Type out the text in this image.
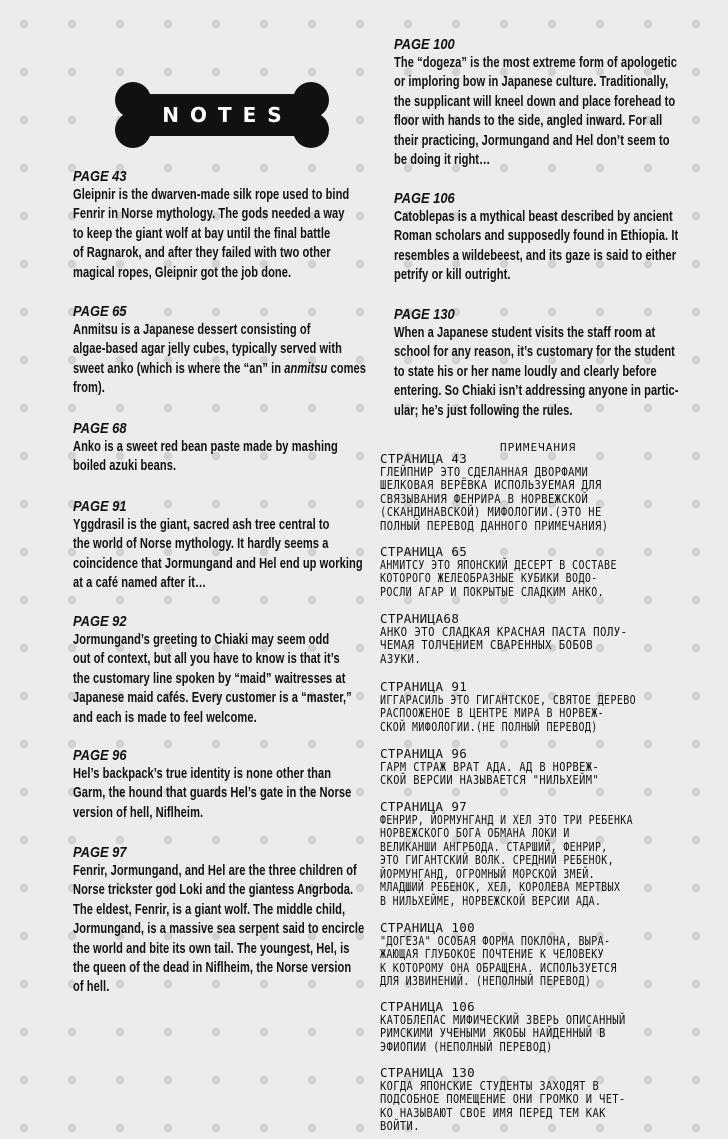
NOTES
PAGE 43
Gleipnir is the dwarven-made silk rope used to bind
Fenrir in Norse mythology. The gods needed a way
to keep the giant wolf at bay until the final battle
of Ragnarok, and after they failed with two other
magical ropes, Gleipnir got the job done.
PAGE 65
Anmitsu is a Japanese dessert consisting of
algae-based agar jelly cubes, typically served with
sweet anko (which is where the “an” in anmitsu comes
from).
PAGE 68
Anko is a sweet red bean paste made by mashing
boiled azuki beans.
PAGE 91
Yggdrasil is the giant, sacred ash tree central to
the world of Norse mythology. It hardly seems a
coincidence that Jormungand and Hel end up working
at a café named after it…
PAGE 92
Jormungand’s greeting to Chiaki may seem odd
out of context, but all you have to know is that it’s
the customary line spoken by “maid” waitresses at
Japanese maid cafés. Every customer is a “master,”
and each is made to feel welcome.
PAGE 96
Hel’s backpack’s true identity is none other than
Garm, the hound that guards Hel’s gate in the Norse
version of hell, Niflheim.
PAGE 97
Fenrir, Jormungand, and Hel are the three children of
Norse trickster god Loki and the giantess Angrboda.
The eldest, Fenrir, is a giant wolf. The middle child,
Jormungand, is a massive sea serpent said to encircle
the world and bite its own tail. The youngest, Hel, is
the queen of the dead in Niflheim, the Norse version
of hell.
PAGE 100
The “dogeza” is the most extreme form of apologetic
or imploring bow in Japanese culture. Traditionally,
the supplicant will kneel down and place forehead to
floor with hands to the side, angled inward. For all
their practicing, Jormungand and Hel don’t seem to
be doing it right…
PAGE 106
Catoblepas is a mythical beast described by ancient
Roman scholars and supposedly found in Ethiopia. It
resembles a wildebeest, and its gaze is said to either
petrify or kill outright.
PAGE 130
When a Japanese student visits the staff room at
school for any reason, it’s customary for the student
to state his or her name loudly and clearly before
entering. So Chiaki isn’t addressing anyone in partic-
ular; he’s just following the rules.
ПРИМЕЧАНИЯ
СТРАНИЦА 43
ГЛЕЙПНИР ЭТО СДЕЛАННАЯ ДВОРФАМИ
ШЕЛКОВАЯ ВЕРЁВКА ИСПОЛЬЗУЕМАЯ ДЛЯ
СВЯЗЫВАНИЯ ФЕНРИРА В НОРВЕЖСКОЙ
(СКАНДИНАВСКОЙ) МИФОЛОГИИ.(ЭТО НЕ
ПОЛНЫЙ ПЕРЕВОД ДАННОГО ПРИМЕЧАНИЯ)
СТРАНИЦА 65
АНМИТСУ ЭТО ЯПОНСКИЙ ДЕСЕРТ В СОСТАВЕ
КОТОРОГО ЖЕЛЕОБРАЗНЫЕ КУБИКИ ВОДО-
РОСЛИ АГАР И ПОКРЫТЫЕ СЛАДКИМ АНКО.
СТРАНИЦА68
АНКО ЭТО СЛАДКАЯ КРАСНАЯ ПАСТА ПОЛУ-
ЧЕМАЯ ТОЛЧЕНИЕМ СВАРЕННЫХ БОБОВ
АЗУКИ.
СТРАНИЦА 91
ИГГАРАСИЛЬ ЭТО ГИГАНТСКОЕ, СВЯТОЕ ДЕРЕВО
РАСПООЖЕНОЕ В ЦЕНТРЕ МИРА В НОРВЕЖ-
СКОЙ МИФОЛОГИИ.(НЕ ПОЛНЫЙ ПЕРЕВОД)
СТРАНИЦА 96
ГАРМ СТРАЖ ВРАТ АДА. АД В НОРВЕЖ-
СКОЙ ВЕРСИИ НАЗЫВАЕТСЯ "НИЛЬХЕЙМ"
СТРАНИЦА 97
ФЕНРИР, ЙОРМУНГАНД И ХЕЛ ЭТО ТРИ РЕБЕНКА
НОРВЕЖСКОГО БОГА ОБМАНА ЛОКИ И
ВЕЛИКАНШИ АНГРБОДА. СТАРШИЙ, ФЕНРИР,
ЭТО ГИГАНТСКИЙ ВОЛК. СРЕДНИЙ РЕБЕНОК,
ЙОРМУНГАНД, ОГРОМНЫЙ МОРСКОЙ ЗМЕЙ.
МЛАДШИЙ РЕБЕНОК, ХЕЛ, КОРОЛЕВА МЕРТВЫХ
В НИЛЬХЕЙМЕ, НОРВЕЖСКОЙ ВЕРСИИ АДА.
СТРАНИЦА 100
"ДОГЕЗА" ОСОБАЯ ФОРМА ПОКЛОНА, ВЫРА-
ЖАЮЩАЯ ГЛУБОКОЕ ПОЧТЕНИЕ К ЧЕЛОВЕКУ
К КОТОРОМУ ОНА ОБРАЩЕНА. ИСПОЛЬЗУЕТСЯ
ДЛЯ ИЗВИНЕНИЙ. (НЕПОЛНЫЙ ПЕРЕВОД)
СТРАНИЦА 106
КАТОБЛЕПАС МИФИЧЕСКИЙ ЗВЕРЬ ОПИСАННЫЙ
РИМСКИМИ УЧЕНЫМИ ЯКОБЫ НАЙДЕННЫЙ В
ЭФИОПИИ (НЕПОЛНЫЙ ПЕРЕВОД)
СТРАНИЦА 130
КОГДА ЯПОНСКИЕ СТУДЕНТЫ ЗАХОДЯТ В
ПОДСОБНОЕ ПОМЕЩЕНИЕ ОНИ ГРОМКО И ЧЕТ-
КО НАЗЫВАЮТ СВОЕ ИМЯ ПЕРЕД ТЕМ КАК
ВОЙТИ.
